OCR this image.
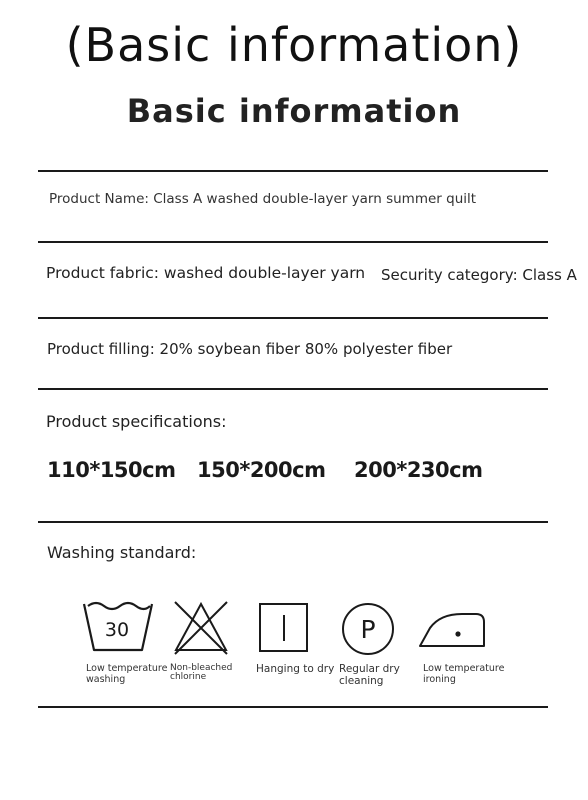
(Basic information)
Basic information
Product Name: Class A washed double-layer yarn summer quilt
Product fabric: washed double-layer yarn Security category: Class A
Product filling: 20% soybean fiber 80% polyester fiber
Product specifications:
110*150cm 150*200cm 200*230cm
Washing standard:
30
Low temperature washing
Non-bleached chlorine
Hanging to dry
P
Regular dry cleaning
Low temperature ironing
